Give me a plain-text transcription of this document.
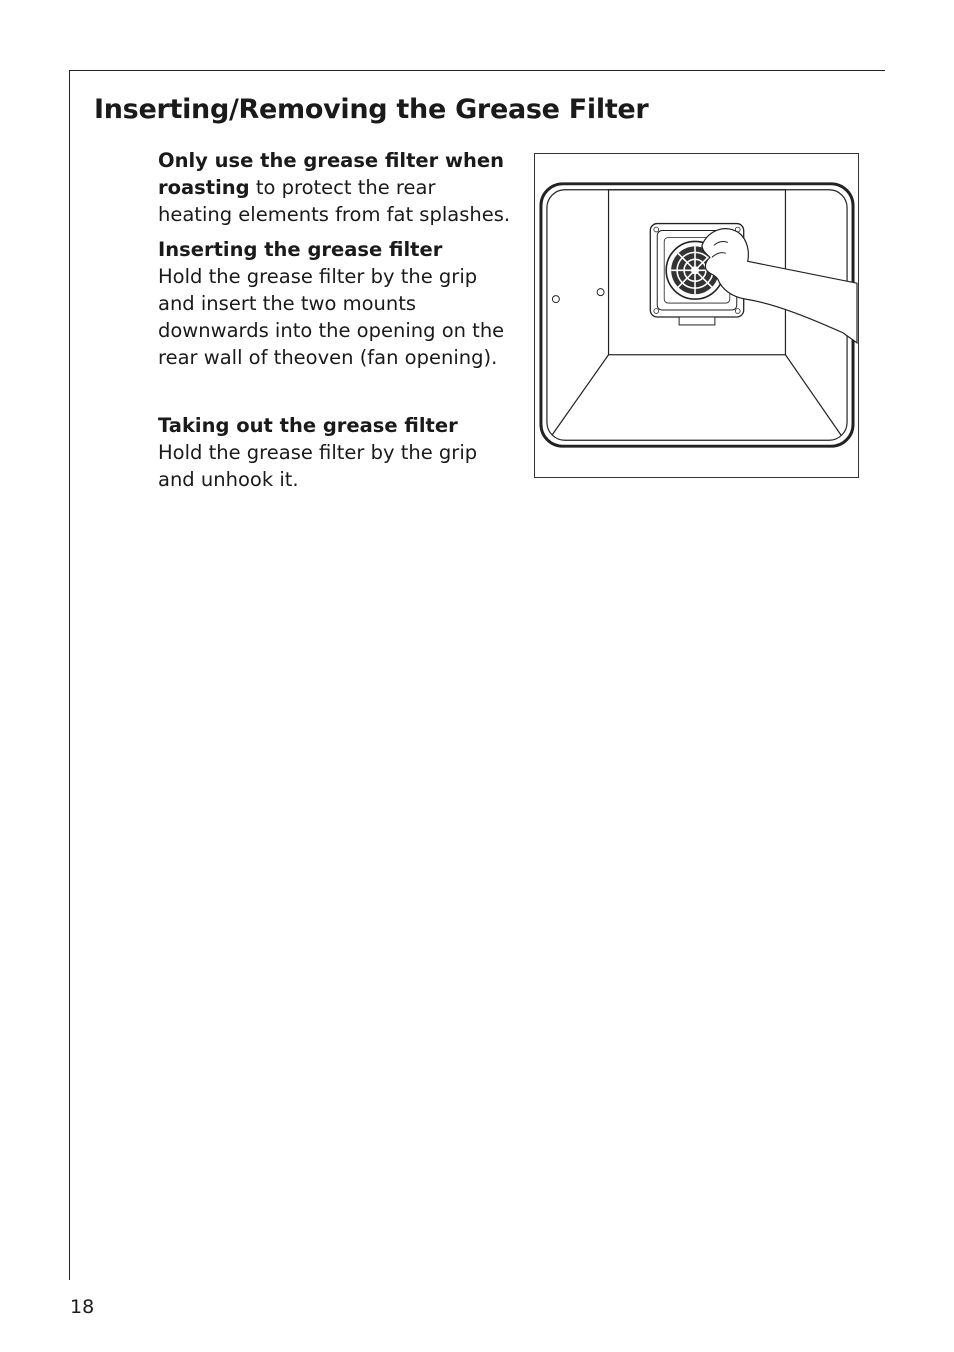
Inserting/Removing the Grease Filter

Only use the grease filter when roasting to protect the rear heating elements from fat splashes.

Inserting the grease filter
Hold the grease filter by the grip and insert the two mounts downwards into the opening on the rear wall of theoven (fan opening).

Taking out the grease filter
Hold the grease filter by the grip and unhook it.

18
